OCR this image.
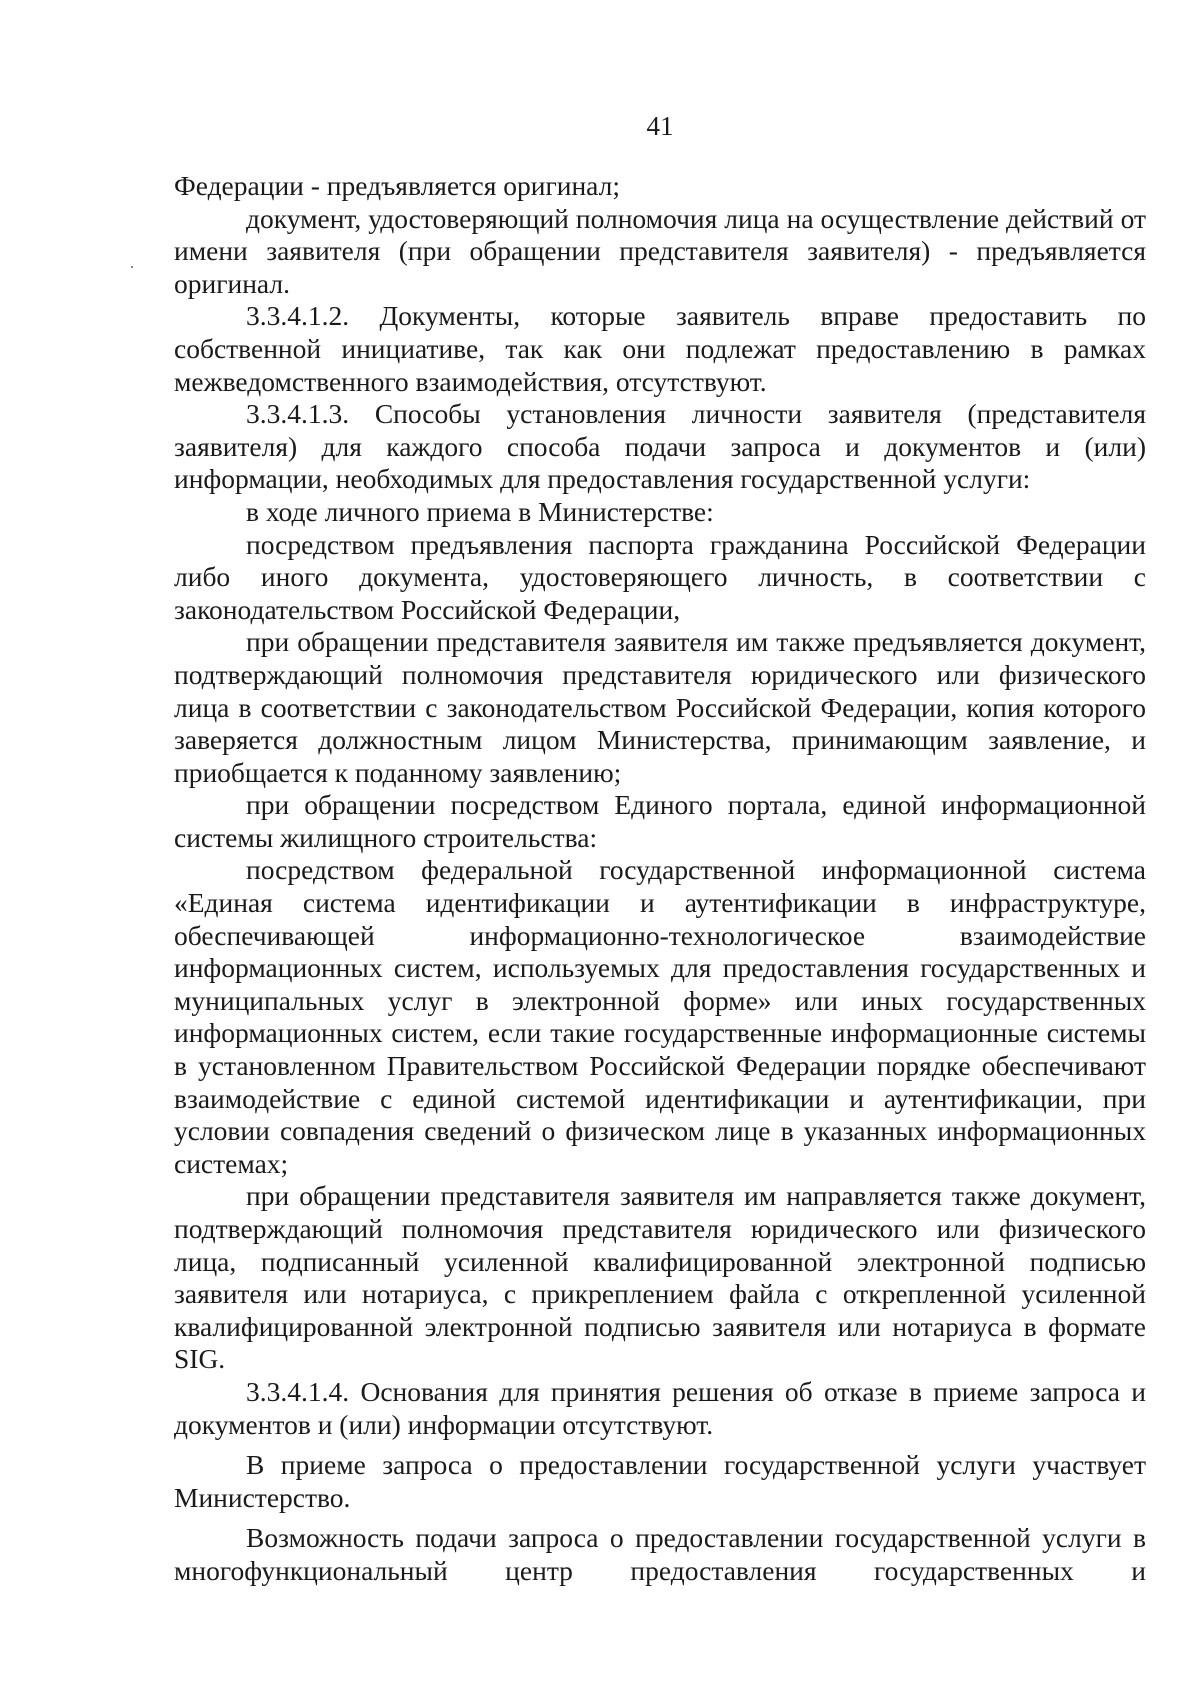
41

Федерации - предъявляется оригинал;

документ, удостоверяющий полномочия лица на осуществление действий от имени заявителя (при обращении представителя заявителя) - предъявляется оригинал.

3.3.4.1.2. Документы, которые заявитель вправе предоставить по собственной инициативе, так как они подлежат предоставлению в рамках межведомственного взаимодействия, отсутствуют.

3.3.4.1.3. Способы установления личности заявителя (представителя заявителя) для каждого способа подачи запроса и документов и (или) информации, необходимых для предоставления государственной услуги:

в ходе личного приема в Министерстве:

посредством предъявления паспорта гражданина Российской Федерации либо иного документа, удостоверяющего личность, в соответствии с законодательством Российской Федерации,

при обращении представителя заявителя им также предъявляется документ, подтверждающий полномочия представителя юридического или физического лица в соответствии с законодательством Российской Федерации, копия которого заверяется должностным лицом Министерства, принимающим заявление, и приобщается к поданному заявлению;

при обращении посредством Единого портала, единой информационной системы жилищного строительства:

посредством федеральной государственной информационной система «Единая система идентификации и аутентификации в инфраструктуре, обеспечивающей информационно-технологическое взаимодействие информационных систем, используемых для предоставления государственных и муниципальных услуг в электронной форме» или иных государственных информационных систем, если такие государственные информационные системы в установленном Правительством Российской Федерации порядке обеспечивают взаимодействие с единой системой идентификации и аутентификации, при условии совпадения сведений о физическом лице в указанных информационных системах;

при обращении представителя заявителя им направляется также документ, подтверждающий полномочия представителя юридического или физического лица, подписанный усиленной квалифицированной электронной подписью заявителя или нотариуса, с прикреплением файла с открепленной усиленной квалифицированной электронной подписью заявителя или нотариуса в формате SIG.

3.3.4.1.4. Основания для принятия решения об отказе в приеме запроса и документов и (или) информации отсутствуют.

В приеме запроса о предоставлении государственной услуги участвует Министерство.

Возможность подачи запроса о предоставлении государственной услуги в многофункциональный центр предоставления государственных и
